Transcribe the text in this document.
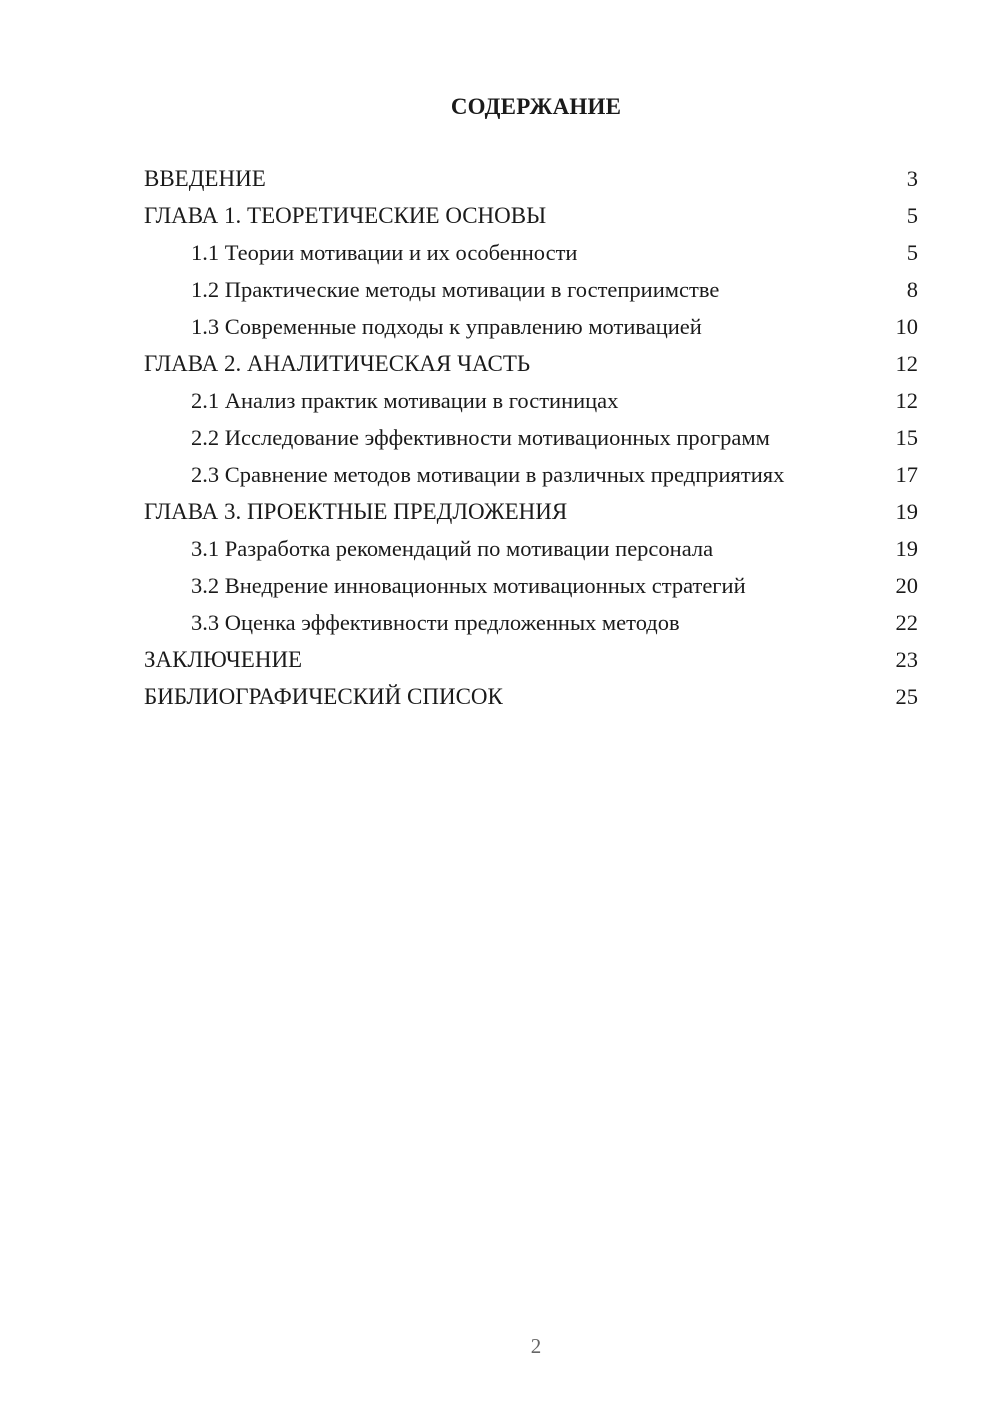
СОДЕРЖАНИЕ
ВВЕДЕНИЕ	3
ГЛАВА 1. ТЕОРЕТИЧЕСКИЕ ОСНОВЫ	5
1.1 Теории мотивации и их особенности	5
1.2 Практические методы мотивации в гостеприимстве	8
1.3 Современные подходы к управлению мотивацией	10
ГЛАВА 2. АНАЛИТИЧЕСКАЯ ЧАСТЬ	12
2.1 Анализ практик мотивации в гостиницах	12
2.2 Исследование эффективности мотивационных программ	15
2.3 Сравнение методов мотивации в различных предприятиях	17
ГЛАВА 3. ПРОЕКТНЫЕ ПРЕДЛОЖЕНИЯ	19
3.1 Разработка рекомендаций по мотивации персонала	19
3.2 Внедрение инновационных мотивационных стратегий	20
3.3 Оценка эффективности предложенных методов	22
ЗАКЛЮЧЕНИЕ	23
БИБЛИОГРАФИЧЕСКИЙ СПИСОК	25
2
